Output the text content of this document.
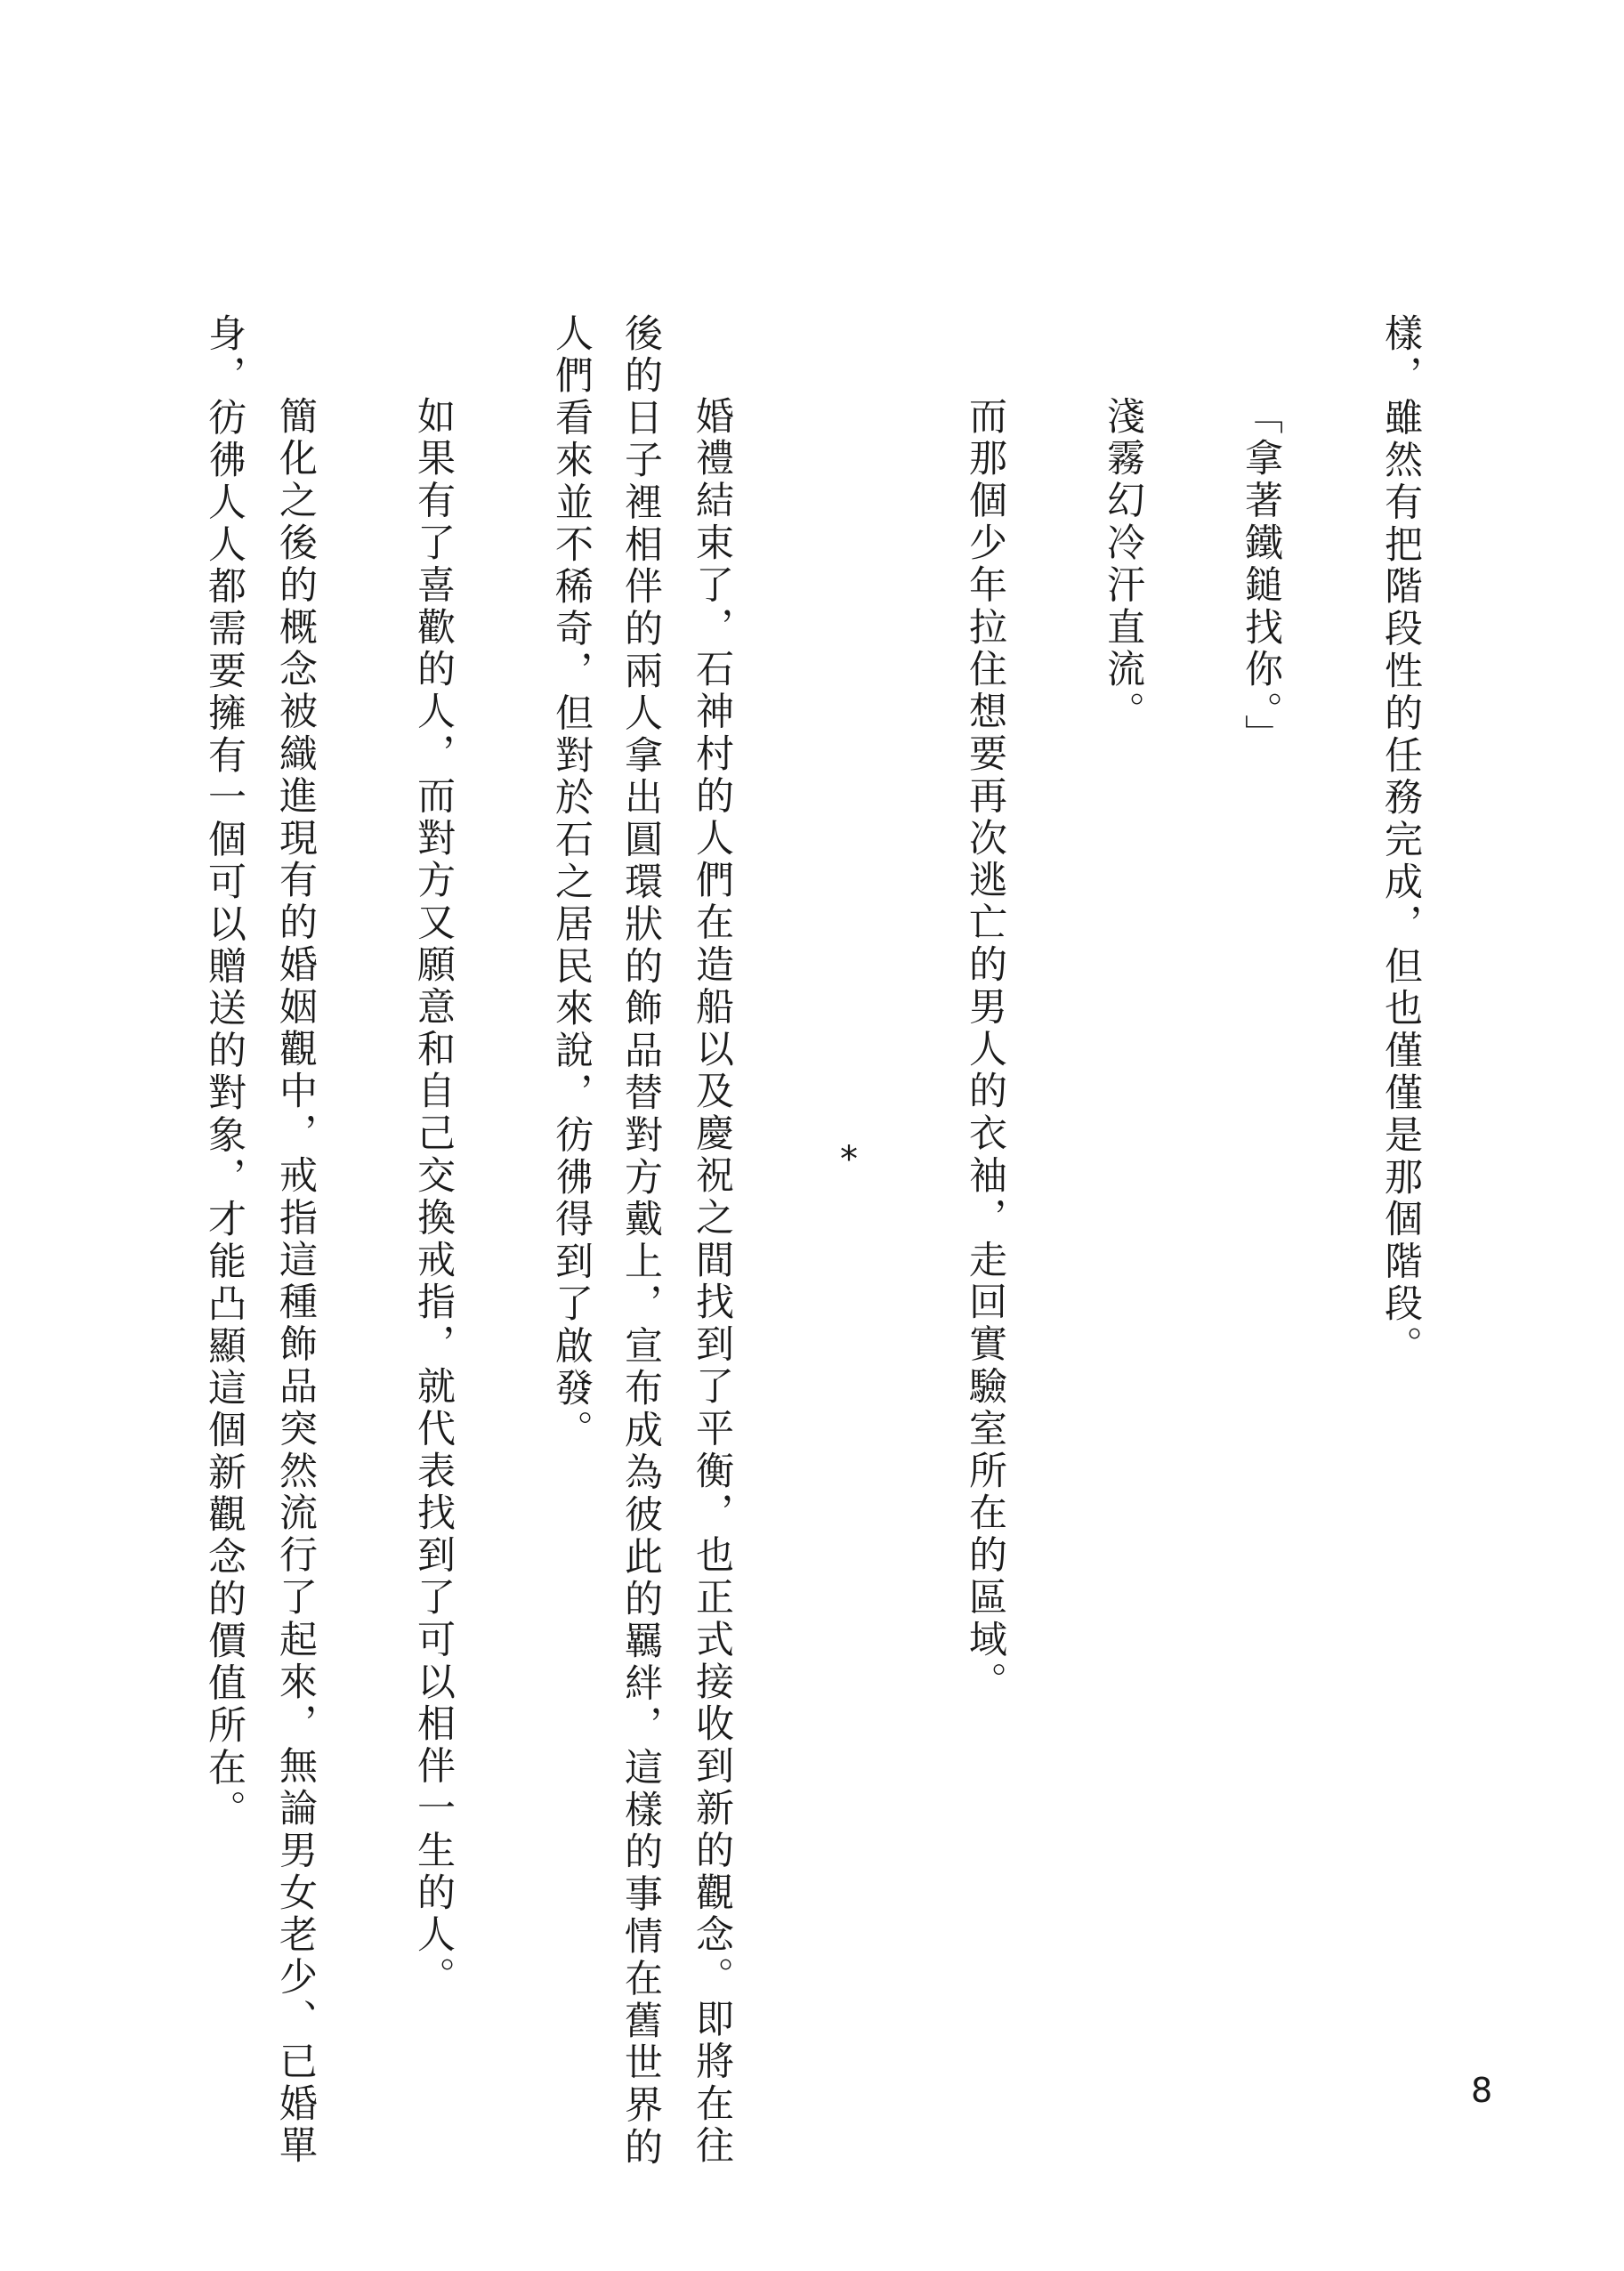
樣，雖然有把階段性的任務完成，但也僅僅是那個階段。
「拿著鐵鎚找你。」
淺霧幻冷汗直流。
而那個少年拉住想要再次逃亡的男人的衣袖，走回實驗室所在的區域。
*
婚禮結束了，石神村的人們在造船以及慶祝之間找到了平衡，也正式接收到新的觀念。即將在往
後的日子裡相伴的兩人拿出圓環狀的飾品替對方戴上，宣布成為彼此的羈絆，這樣的事情在舊世界的
人們看來並不稀奇，但對於石之居民來說，彷彿得到了啟發。
如果有了喜歡的人，而對方又願意和自己交換戒指，就代表找到了可以相伴一生的人。
簡化之後的概念被織進現有的婚姻觀中，戒指這種飾品突然流行了起來，無論男女老少、已婚單
身，彷彿人人都需要擁有一個可以贈送的對象，才能凸顯這個新觀念的價值所在。
8
